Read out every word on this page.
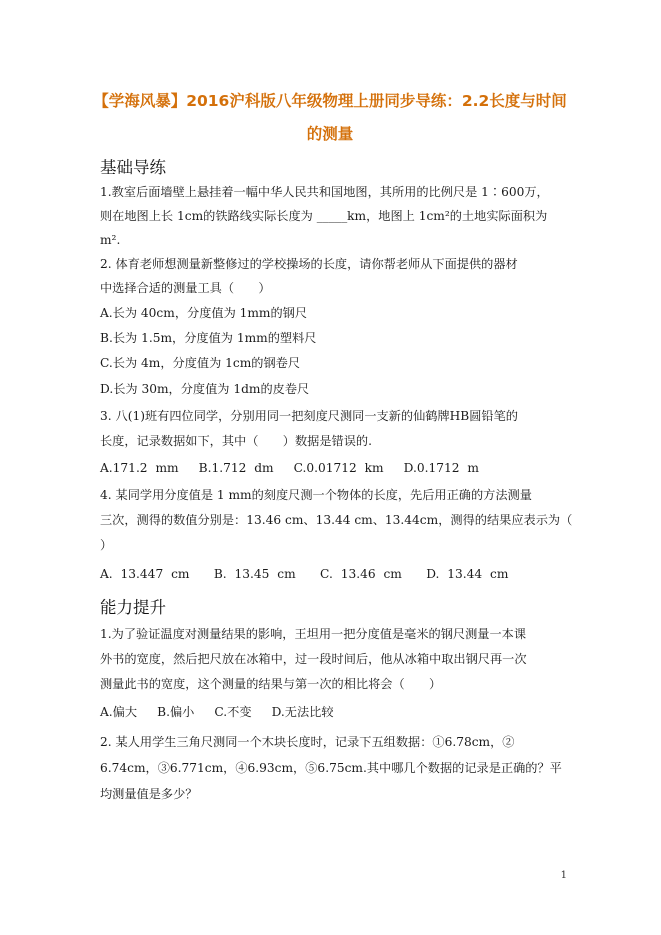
【学海风暴】2016沪科版八年级物理上册同步导练：2.2长度与时间
的测量
基础导练
1.教室后面墙壁上悬挂着一幅中华人民共和国地图，其所用的比例尺是 1∶600万，
则在地图上长 1cm的铁路线实际长度为 _____km，地图上 1cm²的土地实际面积为
m².
2. 体育老师想测量新整修过的学校操场的长度，请你帮老师从下面提供的器材
中选择合适的测量工具（　　）
A.长为 40cm，分度值为 1mm的钢尺
B.长为 1.5m，分度值为 1mm的塑料尺
C.长为 4m，分度值为 1cm的钢卷尺
D.长为 30m，分度值为 1dm的皮卷尺
3. 八(1)班有四位同学，分别用同一把刻度尺测同一支新的仙鹤牌HB圆铅笔的
长度，记录数据如下，其中（　　）数据是错误的.
A.171.2 mm　 B.1.712 dm　 C.0.01712 km　 D.0.1712 m
4. 某同学用分度值是 1 mm的刻度尺测一个物体的长度，先后用正确的方法测量
三次，测得的数值分别是：13.46 cm、13.44 cm、13.44cm，测得的结果应表示为（
）
A. 13.447 cm　　B. 13.45 cm　　C. 13.46 cm　　D. 13.44 cm
能力提升
1.为了验证温度对测量结果的影响，王坦用一把分度值是毫米的钢尺测量一本课
外书的宽度，然后把尺放在冰箱中，过一段时间后，他从冰箱中取出钢尺再一次
测量此书的宽度，这个测量的结果与第一次的相比将会（　　）
A.偏大　 B.偏小　 C.不变　 D.无法比较
2. 某人用学生三角尺测同一个木块长度时，记录下五组数据：①6.78cm，②
6.74cm，③6.771cm，④6.93cm，⑤6.75cm.其中哪几个数据的记录是正确的？平
均测量值是多少？
1
